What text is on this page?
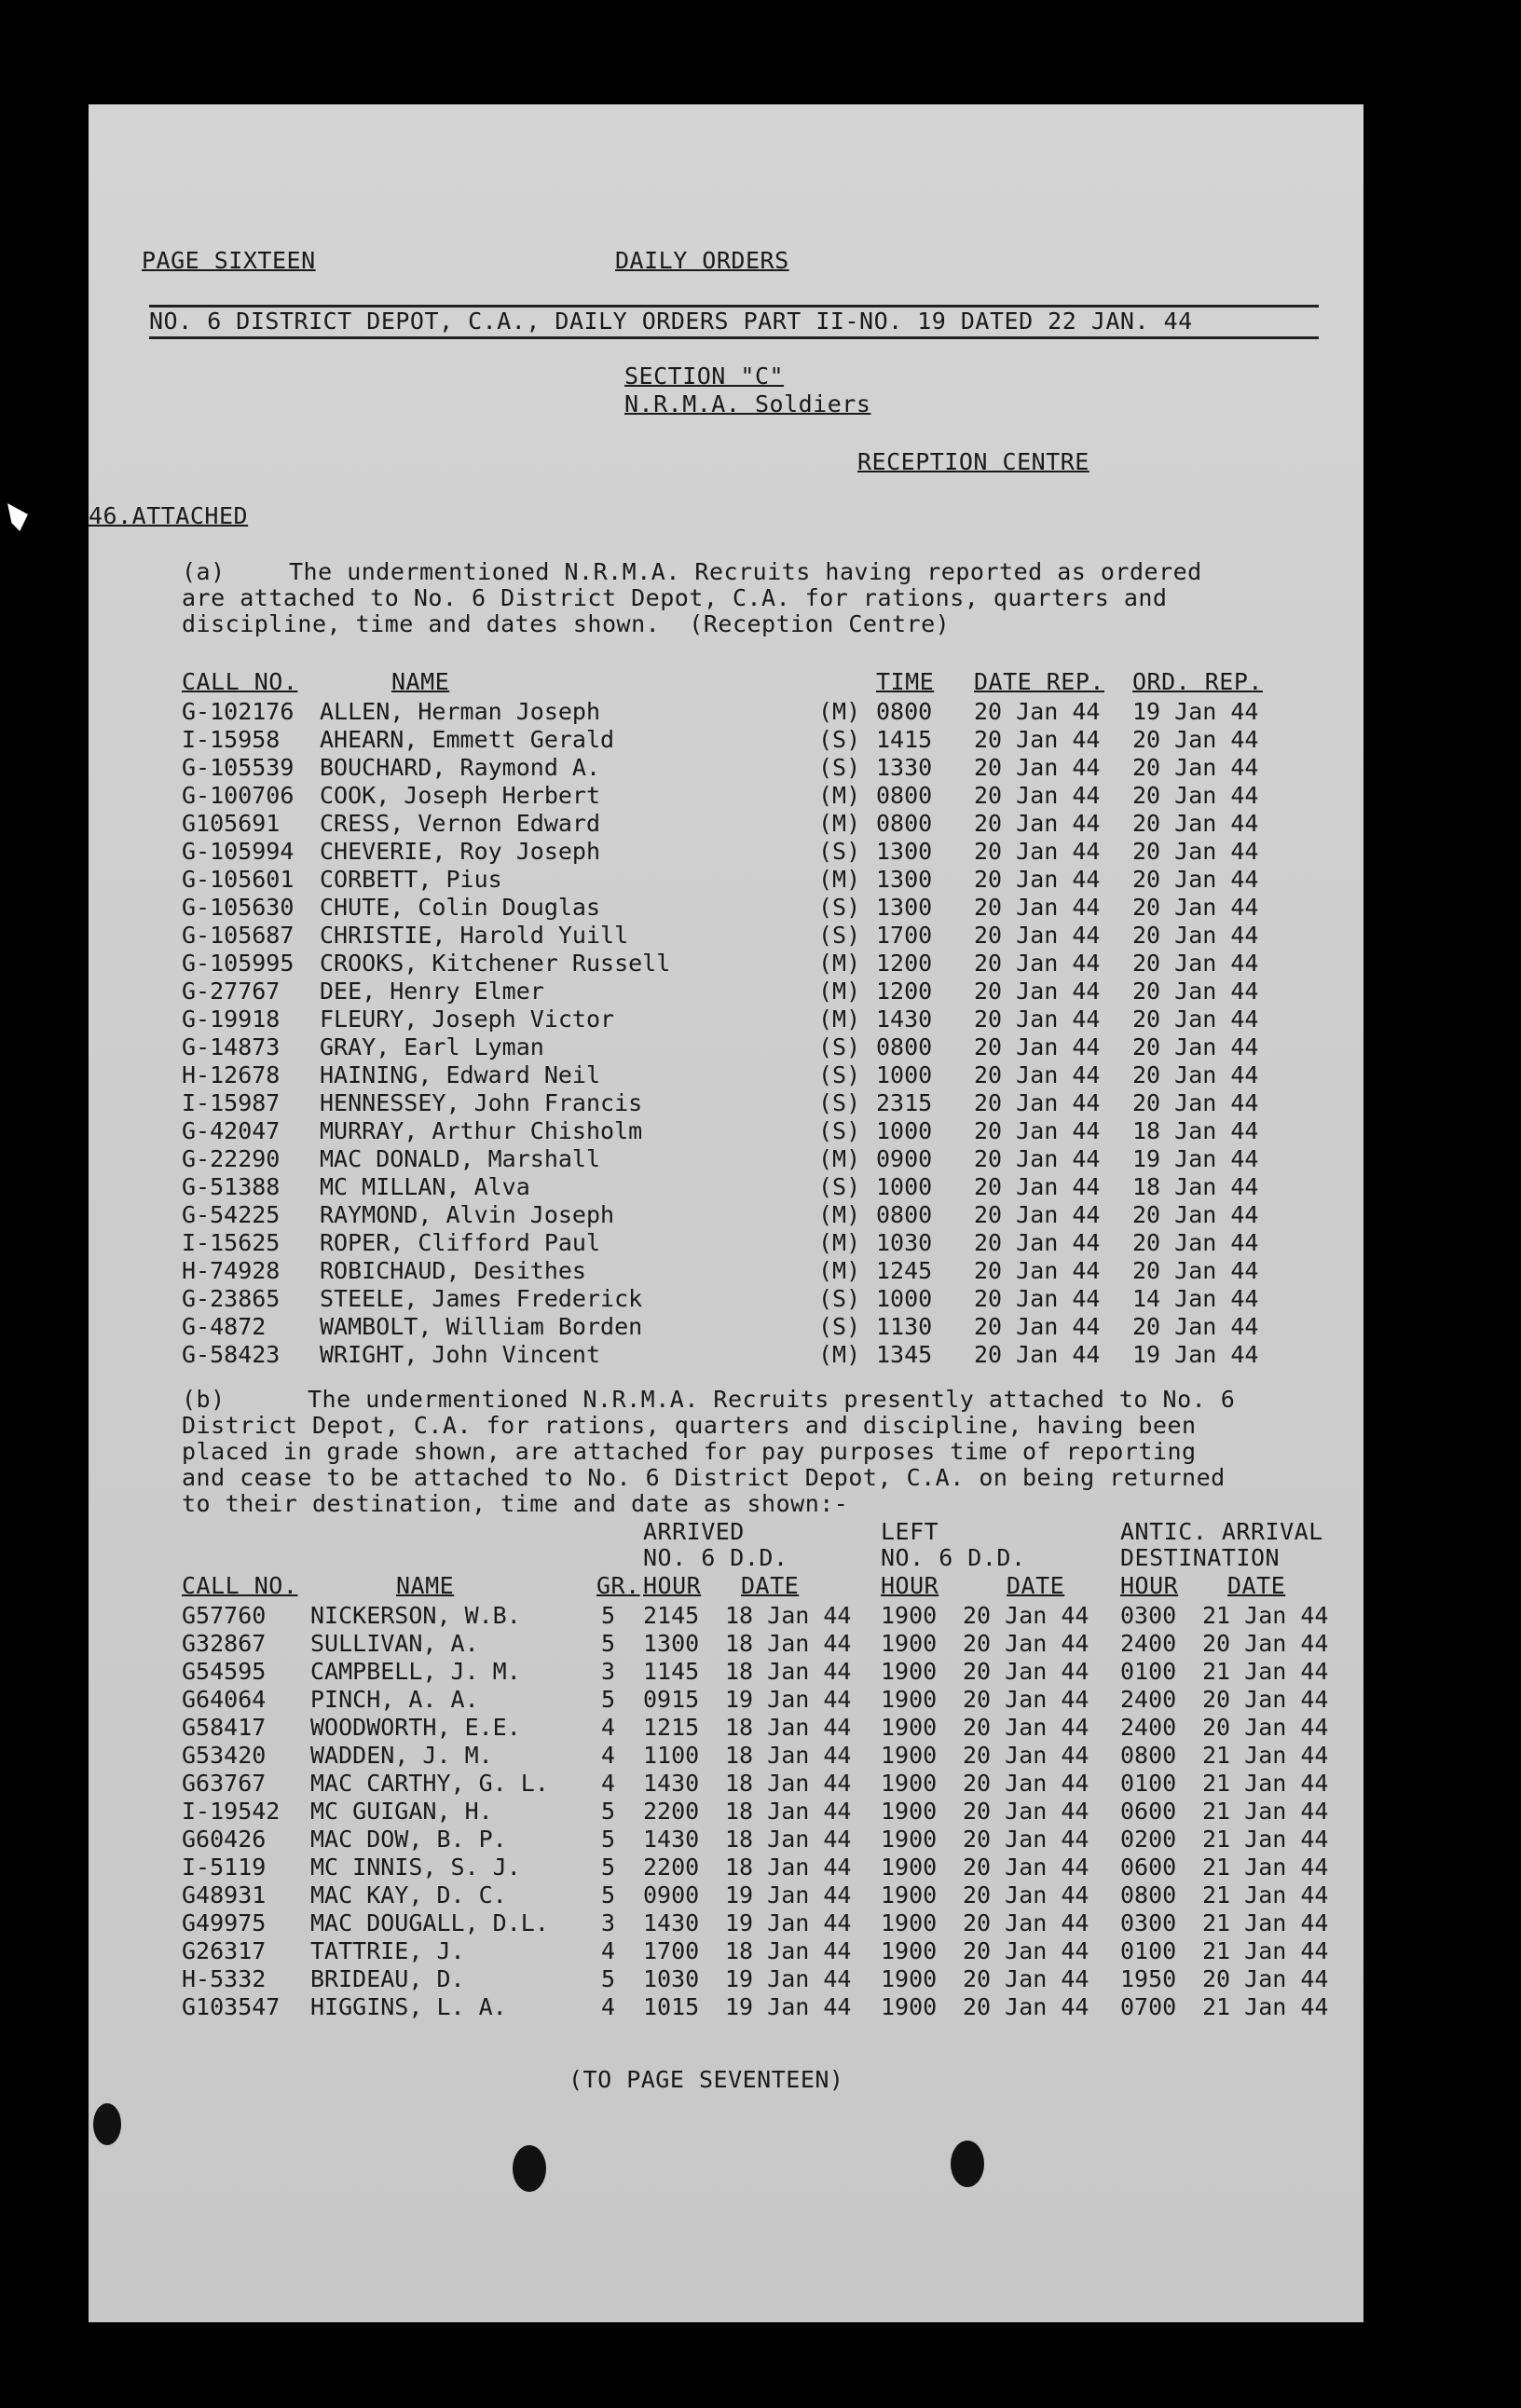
PAGE SIXTEEN	DAILY ORDERS
NO. 6 DISTRICT DEPOT, C.A., DAILY ORDERS PART II-NO. 19 DATED 22 JAN. 44
SECTION "C"
N.R.M.A. Soldiers
RECEPTION CENTRE
46.ATTACHED
(a)	The undermentioned N.R.M.A. Recruits having reported as ordered
are attached to No. 6 District Depot, C.A. for rations, quarters and
discipline, time and dates shown.  (Reception Centre)
CALL NO.	NAME	TIME DATE REP. ORD. REP.
G-102176 ALLEN, Herman Joseph	(M) 0800 20 Jan 44 19 Jan 44
I-15958 AHEARN, Emmett Gerald	(S) 1415 20 Jan 44 20 Jan 44
G-105539 BOUCHARD, Raymond A.	(S) 1330 20 Jan 44 20 Jan 44
G-100706 COOK, Joseph Herbert	(M) 0800 20 Jan 44 20 Jan 44
G105691 CRESS, Vernon Edward	(M) 0800 20 Jan 44 20 Jan 44
G-105994 CHEVERIE, Roy Joseph	(S) 1300 20 Jan 44 20 Jan 44
G-105601 CORBETT, Pius	(M) 1300 20 Jan 44 20 Jan 44
G-105630 CHUTE, Colin Douglas	(S) 1300 20 Jan 44 20 Jan 44
G-105687 CHRISTIE, Harold Yuill	(S) 1700 20 Jan 44 20 Jan 44
G-105995 CROOKS, Kitchener Russell	(M) 1200 20 Jan 44 20 Jan 44
G-27767 DEE, Henry Elmer	(M) 1200 20 Jan 44 20 Jan 44
G-19918 FLEURY, Joseph Victor	(M) 1430 20 Jan 44 20 Jan 44
G-14873 GRAY, Earl Lyman	(S) 0800 20 Jan 44 20 Jan 44
H-12678 HAINING, Edward Neil	(S) 1000 20 Jan 44 20 Jan 44
I-15987 HENNESSEY, John Francis	(S) 2315 20 Jan 44 20 Jan 44
G-42047 MURRAY, Arthur Chisholm	(S) 1000 20 Jan 44 18 Jan 44
G-22290 MAC DONALD, Marshall	(M) 0900 20 Jan 44 19 Jan 44
G-51388 MC MILLAN, Alva	(S) 1000 20 Jan 44 18 Jan 44
G-54225 RAYMOND, Alvin Joseph	(M) 0800 20 Jan 44 20 Jan 44
I-15625 ROPER, Clifford Paul	(M) 1030 20 Jan 44 20 Jan 44
H-74928 ROBICHAUD, Desithes	(M) 1245 20 Jan 44 20 Jan 44
G-23865 STEELE, James Frederick	(S) 1000 20 Jan 44 14 Jan 44
G-4872 WAMBOLT, William Borden	(S) 1130 20 Jan 44 20 Jan 44
G-58423 WRIGHT, John Vincent	(M) 1345 20 Jan 44 19 Jan 44
(b)	The undermentioned N.R.M.A. Recruits presently attached to No. 6
District Depot, C.A. for rations, quarters and discipline, having been
placed in grade shown, are attached for pay purposes time of reporting
and cease to be attached to No. 6 District Depot, C.A. on being returned
to their destination, time and date as shown:-
ARRIVED
NO. 6 D.D.
LEFT
NO. 6 D.D.
ANTIC. ARRIVAL
DESTINATION
CALL NO.	NAME	GR. HOUR DATE	HOUR	DATE HOUR DATE
G57760 NICKERSON, W.B.	5 2145 18 Jan 44 1900 20 Jan 44 0300 21 Jan 44
G32867 SULLIVAN, A.	5 1300 18 Jan 44 1900 20 Jan 44 2400 20 Jan 44
G54595 CAMPBELL, J. M.	3 1145 18 Jan 44 1900 20 Jan 44 0100 21 Jan 44
G64064 PINCH, A. A.	5 0915 19 Jan 44 1900 20 Jan 44 2400 20 Jan 44
G58417 WOODWORTH, E.E.	4 1215 18 Jan 44 1900 20 Jan 44 2400 20 Jan 44
G53420 WADDEN, J. M.	4 1100 18 Jan 44 1900 20 Jan 44 0800 21 Jan 44
G63767 MAC CARTHY, G. L. 4 1430 18 Jan 44 1900 20 Jan 44 0100 21 Jan 44
I-19542 MC GUIGAN, H.	5 2200 18 Jan 44 1900 20 Jan 44 0600 21 Jan 44
G60426 MAC DOW, B. P.	5 1430 18 Jan 44 1900 20 Jan 44 0200 21 Jan 44
I-5119 MC INNIS, S. J.	5 2200 18 Jan 44 1900 20 Jan 44 0600 21 Jan 44
G48931 MAC KAY, D. C.	5 0900 19 Jan 44 1900 20 Jan 44 0800 21 Jan 44
G49975 MAC DOUGALL, D.L. 3 1430 19 Jan 44 1900 20 Jan 44 0300 21 Jan 44
G26317 TATTRIE, J.	4 1700 18 Jan 44 1900 20 Jan 44 0100 21 Jan 44
H-5332 BRIDEAU, D.	5 1030 19 Jan 44 1900 20 Jan 44 1950 20 Jan 44
G103547 HIGGINS, L. A.	4 1015 19 Jan 44 1900 20 Jan 44 0700 21 Jan 44
(TO PAGE SEVENTEEN)
